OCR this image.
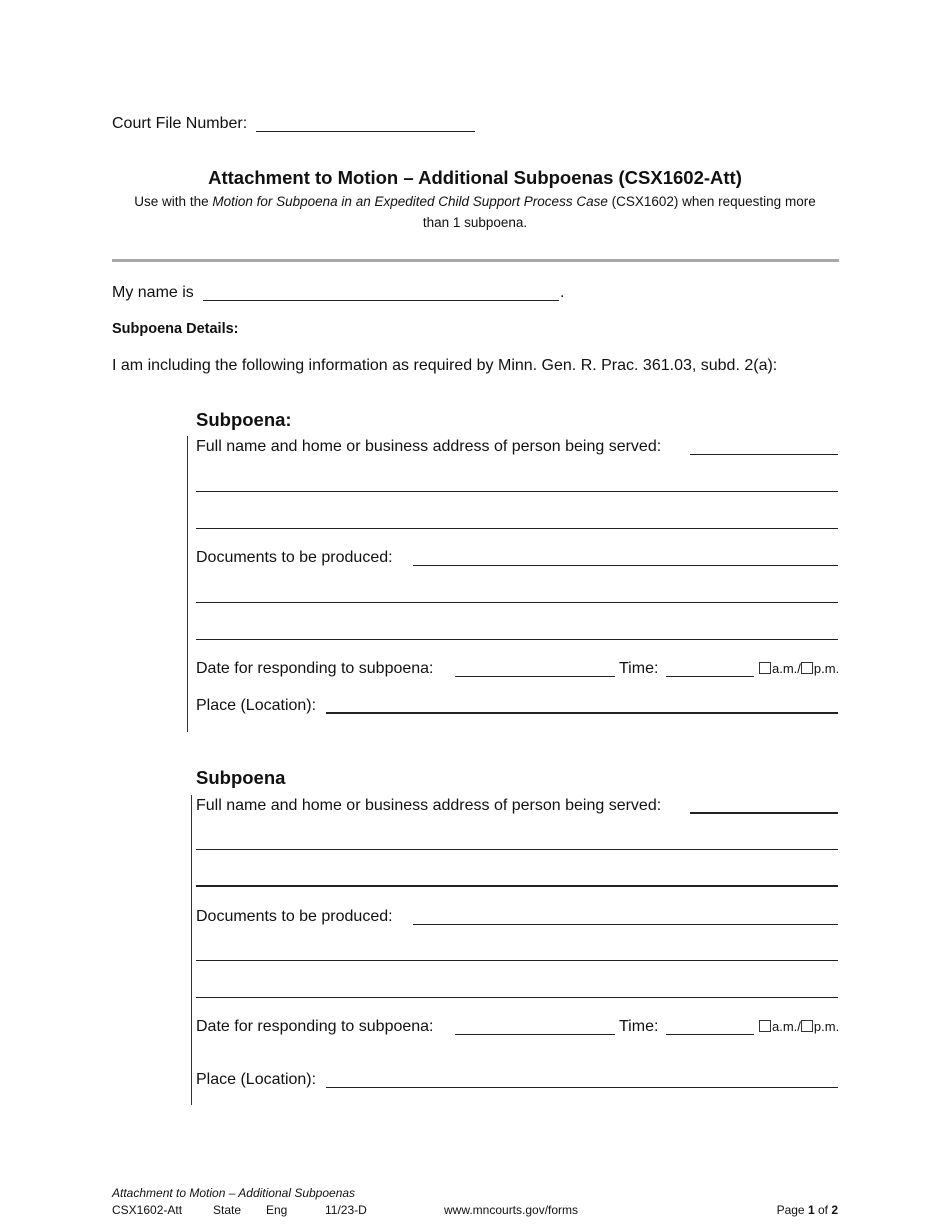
Court File Number:
Attachment to Motion – Additional Subpoenas (CSX1602-Att)
Use with the Motion for Subpoena in an Expedited Child Support Process Case (CSX1602) when requesting more
than 1 subpoena.
My name is	.
Subpoena Details:
I am including the following information as required by Minn. Gen. R. Prac. 361.03, subd. 2(a):
Subpoena:
Full name and home or business address of person being served:
Documents to be produced:
Date for responding to subpoena:	Time:	a.m./ p.m.
Place (Location):
Subpoena
Full name and home or business address of person being served:
Documents to be produced:
Date for responding to subpoena:	Time:	a.m./ p.m.
Place (Location):
Attachment to Motion – Additional Subpoenas
CSX1602-Att	State Eng	11/23-D	www.mncourts.gov/forms	Page 1 of 2
